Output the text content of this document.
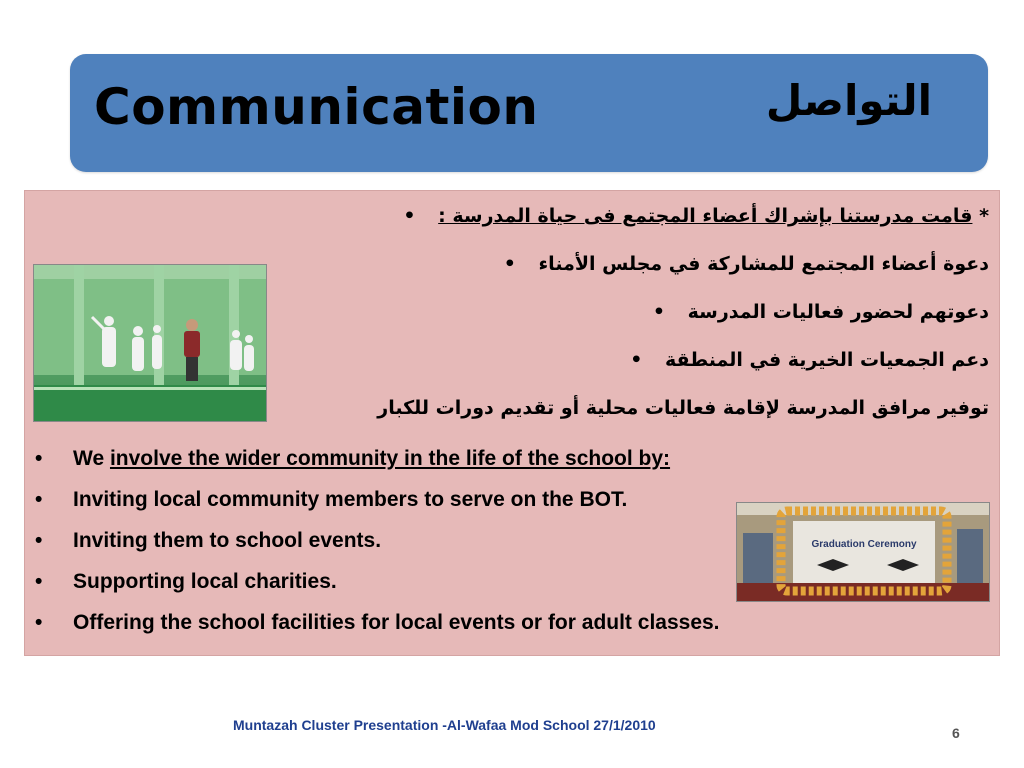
Communication	التواصل
* قامت مدرستنا بإشراك أعضاء المجتمع فى حياة المدرسة : •
دعوة أعضاء المجتمع للمشاركة في مجلس الأمناء •
دعوتهم لحضور فعاليات المدرسة •
دعم الجمعيات الخيرية في المنطقة •
توفير مرافق المدرسة لإقامة فعاليات محلية أو تقديم دورات للكبار
• We involve the wider community in the life of the school by:
• Inviting local community members to serve on the BOT.
• Inviting them to school events.
• Supporting local charities.
• Offering the school facilities for local events or for adult classes.
Graduation Ceremony
Muntazah Cluster Presentation -Al-Wafaa Mod School 27/1/2010	6
